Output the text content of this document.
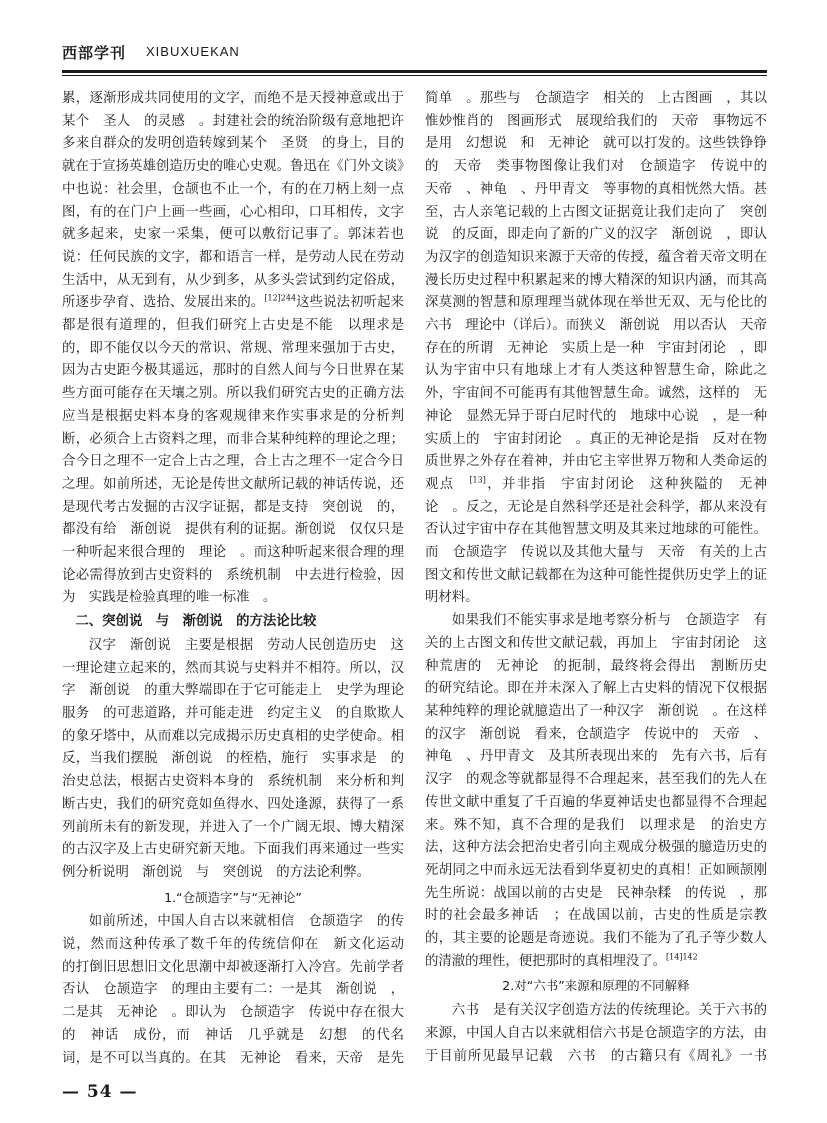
西部学刊 XIBUXUEKAN

累，逐渐形成共同使用的文字，而绝不是天授神意或出于某个　圣人　的灵感　。封建社会的统治阶级有意地把许多来自群众的发明创造转嫁到某个　圣贤　的身上，目的就在于宣扬英雄创造历史的唯心史观。鲁迅在《门外文谈》中也说：社会里，仓颉也不止一个，有的在刀柄上刻一点图，有的在门户上画一些画，心心相印，口耳相传，文字就多起来，史家一采集，便可以敷衍记事了。郭沫若也说：任何民族的文字，都和语言一样，是劳动人民在劳动生活中，从无到有，从少到多，从多头尝试到约定俗成，所逐步孕育、选拾、发展出来的。$^{[12]244}$这些说法初听起来都是很有道理的，但我们研究上古史是不能　以理求是　的，即不能仅以今天的常识、常规、常理来强加于古史，因为古史距今极其遥远，那时的自然人间与今日世界在某些方面可能存在天壤之别。所以我们研究古史的正确方法应当是根据史料本身的客观规律来作实事求是的分析判断，必须合上古资料之理，而非合某种纯粹的理论之理；合今日之理不一定合上古之理，合上古之理不一定合今日之理。如前所述，无论是传世文献所记载的神话传说，还是现代考古发掘的古汉字证据，都是支持　突创说　的，都没有给　渐创说　提供有利的证据。渐创说　仅仅只是一种听起来很合理的　理论　。而这种听起来很合理的理论必需得放到古史资料的　系统机制　中去进行检验，因为　实践是检验真理的唯一标准　。

二、突创说　与　渐创说　的方法论比较

汉字　渐创说　主要是根据　劳动人民创造历史　这一理论建立起来的，然而其说与史料并不相符。所以，汉字　渐创说　的重大弊端即在于它可能走上　史学为理论服务　的可悲道路，并可能走进　约定主义　的自欺欺人的象牙塔中，从而难以完成揭示历史真相的史学使命。相反，当我们摆脱　渐创说　的桎梏，施行　实事求是　的治史总法，根据古史资料本身的　系统机制　来分析和判断古史，我们的研究竟如鱼得水、四处逢源，获得了一系列前所未有的新发现，并进入了一个广阔无垠、博大精深的古汉字及上古史研究新天地。下面我们再来通过一些实例分析说明　渐创说　与　突创说　的方法论利弊。

1.“仓颉造字”与“无神论”

如前所述，中国人自古以来就相信　仓颉造字　的传说，然而这种传承了数千年的传统信仰在　新文化运动　的打倒旧思想旧文化思潮中却被逐渐打入冷宫。先前学者否认　仓颉造字　的理由主要有二：一是其　渐创说　，二是其　无神论　。即认为　仓颉造字　传说中存在很大的　神话　成份，而　神话　几乎就是　幻想　的代名词，是不可以当真的。在其　无神论　看来，天帝　是先　　

简单　。那些与　仓颉造字　相关的　上古图画　，其以惟妙惟肖的　图画形式　展现给我们的　天帝　事物远不是用　幻想说　和　无神论　就可以打发的。这些铁铮铮的　天帝　类事物图像让我们对　仓颉造字　传说中的　天帝　、神龟　、丹甲青文　等事物的真相恍然大悟。甚至，古人亲笔记载的上古图文证据竟让我们走向了　突创说　的反面，即走向了新的广义的汉字　渐创说　，即认为汉字的创造知识来源于天帝的传授，蕴含着天帝文明在漫长历史过程中积累起来的博大精深的知识内涵，而其高深莫测的智慧和原理理当就体现在举世无双、无与伦比的　六书　理论中（详后）。而狭义　渐创说　用以否认　天帝　存在的所谓　无神论　实质上是一种　宇宙封闭论　，即认为宇宙中只有地球上才有人类这种智慧生命，除此之外，宇宙间不可能再有其他智慧生命。诚然，这样的　无神论　显然无异于哥白尼时代的　地球中心说　，是一种实质上的　宇宙封闭论　。真正的无神论是指　反对在物质世界之外存在着神，并由它主宰世界万物和人类命运的观点　[13]，并非指　宇宙封闭论　这种狭隘的　无神论　。反之，无论是自然科学还是社会科学，都从来没有否认过宇宙中存在其他智慧文明及其来过地球的可能性。而　仓颉造字　传说以及其他大量与　天帝　有关的上古图文和传世文献记载都在为这种可能性提供历史学上的证明材料。

如果我们不能实事求是地考察分析与　仓颉造字　有关的上古图文和传世文献记载，再加上　宇宙封闭论　这种荒唐的　无神论　的扼制，最终将会得出　割断历史　的研究结论。即在并未深入了解上古史料的情况下仅根据某种纯粹的理论就臆造出了一种汉字　渐创说　。在这样的汉字　渐创说　看来，仓颉造字　传说中的　天帝　、神龟　、丹甲青文　及其所表现出来的　先有六书，后有汉字　的观念等就都显得不合理起来，甚至我们的先人在传世文献中重复了千百遍的华夏神话史也都显得不合理起来。殊不知，真不合理的是我们　以理求是　的治史方法，这种方法会把治史者引向主观成分极强的臆造历史的死胡同之中而永远无法看到华夏初史的真相！正如顾颉刚先生所说：战国以前的古史是　民神杂糅　的传说　，那时的社会最多神话　；在战国以前，古史的性质是宗教的，其主要的论题是奇迹说。我们不能为了孔子等少数人的清澈的理性，便把那时的真相埋没了。$^{[14]142}$

2.对“六书”来源和原理的不同解释

六书　是有关汉字创造方法的传统理论。关于六书的来源，中国人自古以来就相信六书是仓颉造字的方法，由于目前所见最早记载　六书　的古籍只有《周礼》一书　　　　　　

— 54 —
